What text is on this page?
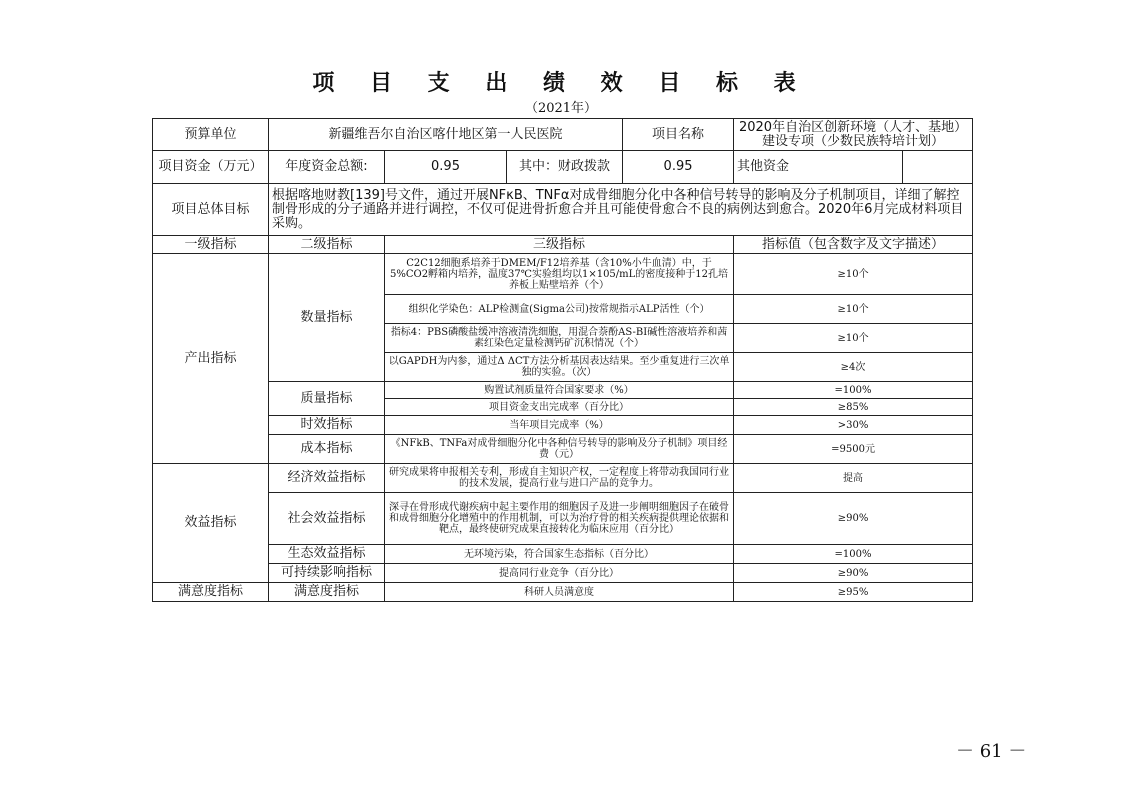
项 目 支 出 绩 效 目 标 表
（2021年）
预算单位	新疆维吾尔自治区喀什地区第一人民医院			项目名称	2020年自治区创新环境（人才、基地）建设专项（少数民族特培计划）	
项目资金（万元）	年度资金总额:	0.95	其中：财政拨款	0.95	其他资金	
项目总体目标	根据喀地财教[139]号文件，通过开展NFκB、TNFα对成骨细胞分化中各种信号转导的影响及分子机制项目，详细了解控制骨形成的分子通路并进行调控，不仅可促进骨折愈合并且可能使骨愈合不良的病例达到愈合。2020年6月完成材料项目采购。					
一级指标	二级指标	三级指标			指标值（包含数字及文字描述）	
产出指标	数量指标	C2C12细胞系培养于DMEM/F12培养基（含10%小牛血清）中，于5%CO2孵箱内培养，温度37℃实验组均以1×105/mL的密度接种于12孔培养板上贴壁培养（个）			≥10个	
		组织化学染色：ALP检测盒(Sigma公司)按常规指示ALP活性（个）			≥10个	
		指标4：PBS磷酸盐缓冲溶液清洗细胞，用混合萘酚AS-BI碱性溶液培养和茜素红染色定量检测钙矿沉积情况（个）			≥10个	
		以GAPDH为内参，通过Δ ΔCT方法分析基因表达结果。至少重复进行三次单独的实验。（次）			≥4次	
	质量指标	购置试剂质量符合国家要求（%）			=100%	
		项目资金支出完成率（百分比）			≥85%	
	时效指标	当年项目完成率（%）			>30%	
	成本指标	《NFkB、TNFa对成骨细胞分化中各种信号转导的影响及分子机制》项目经费（元）			=9500元	
效益指标	经济效益指标	研究成果将申报相关专利，形成自主知识产权，一定程度上将带动我国同行业的技术发展，提高行业与进口产品的竞争力。			提高	
	社会效益指标	深寻在骨形成代谢疾病中起主要作用的细胞因子及进一步阐明细胞因子在破骨和成骨细胞分化增殖中的作用机制，可以为治疗骨的相关疾病提供理论依据和靶点，最终使研究成果直接转化为临床应用（百分比）			≥90%	
	生态效益指标	无环境污染，符合国家生态指标（百分比）			=100%	
	可持续影响指标	提高同行业竞争（百分比）			≥90%	
满意度指标	满意度指标	科研人员满意度			≥95%	
－ 61 －
